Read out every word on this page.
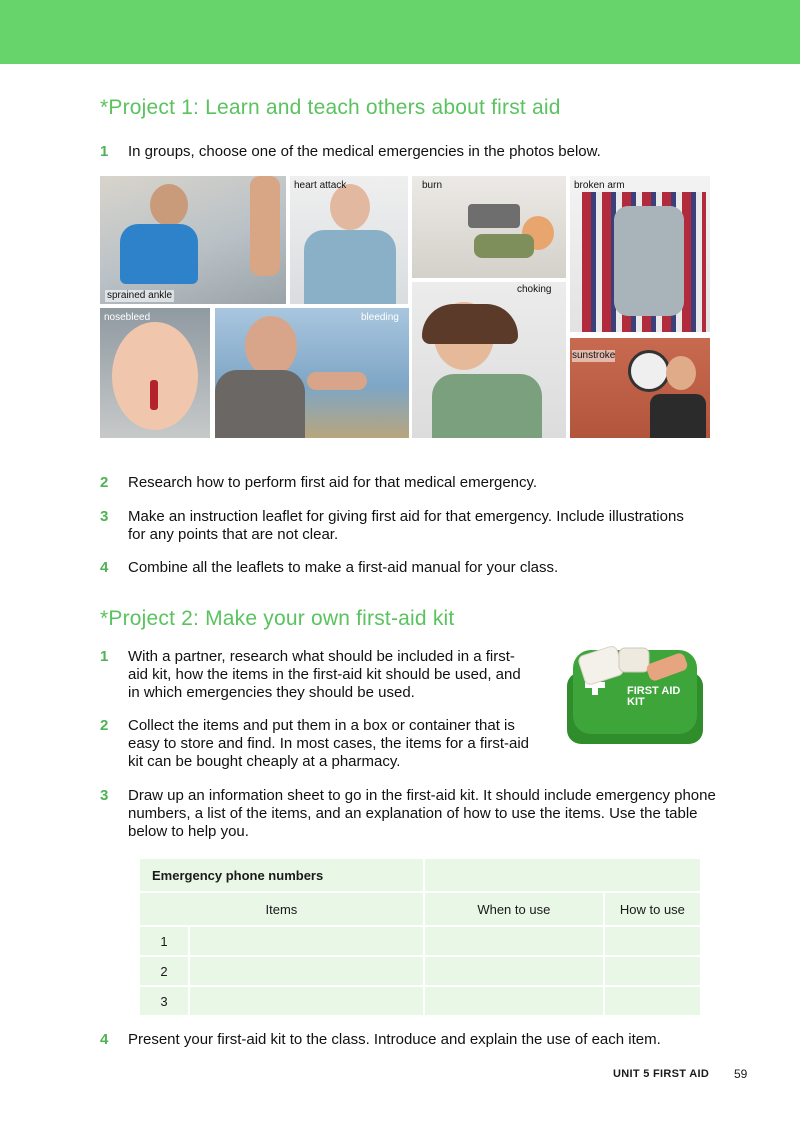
*Project 1: Learn and teach others about first aid
1	In groups, choose one of the medical emergencies in the photos below.
sprained ankle
heart attack	burn	broken arm
nosebleed	bleeding
choking
sunstroke
2	Research how to perform first aid for that medical emergency.
3	Make an instruction leaflet for giving first aid for that emergency. Include illustrations for any points that are not clear.
4	Combine all the leaflets to make a first-aid manual for your class.
*Project 2: Make your own first-aid kit
1	With a partner, research what should be included in a first-aid kit, how the items in the first-aid kit should be used, and in which emergencies they should be used.
2	Collect the items and put them in a box or container that is easy to store and find. In most cases, the items for a first-aid kit can be bought cheaply at a pharmacy.
FIRST AID KIT
3	Draw up an information sheet to go in the first-aid kit. It should include emergency phone numbers, a list of the items, and an explanation of how to use the items. Use the table below to help you.
Emergency phone numbers			
Items		When to use	How to use
1			
2			
3			
4	Present your first-aid kit to the class. Introduce and explain the use of each item.
UNIT 5 FIRST AID 59
